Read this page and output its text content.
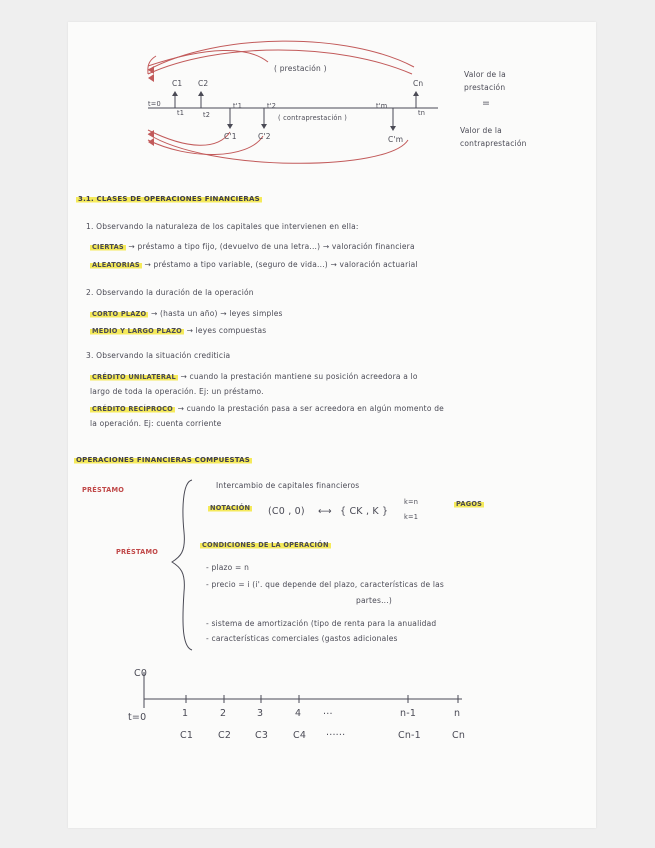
( prestación )
C1 C2	Cn
t=0
t1	t2
t'1	t'2	t'm
tn
( contraprestación )
C'1	C'2	C'm
Valor de la
prestación
=
Valor de la
contraprestación
3.1. CLASES DE OPERACIONES FINANCIERAS
1. Observando la naturaleza de los capitales que intervienen en ella:
CIERTAS → préstamo a tipo fijo, (devuelvo de una letra...) → valoración financiera
ALEATORIAS → préstamo a tipo variable, (seguro de vida...) → valoración actuarial
2. Observando la duración de la operación
CORTO PLAZO → (hasta un año) → leyes simples
MEDIO Y LARGO PLAZO → leyes compuestas
3. Observando la situación crediticia
CRÉDITO UNILATERAL → cuando la prestación mantiene su posición acreedora a lo
largo de toda la operación. Ej: un préstamo.
CRÉDITO RECÍPROCO → cuando la prestación pasa a ser acreedora en algún momento de
la operación. Ej: cuenta corriente
OPERACIONES FINANCIERAS COMPUESTAS
PRÉSTAMO	Intercambio de capitales financieros
NOTACIÓN (C0 , 0) ⟷ { CK , K }
k=n
k=1
PAGOS
PRÉSTAMO
CONDICIONES DE LA OPERACIÓN
- plazo = n
- precio = i (i'. que depende del plazo, características de las
partes...)
- sistema de amortización (tipo de renta para la anualidad
- características comerciales (gastos adicionales
C0
t=0	1	2	3	4 ...	n-1	n
C1	C2	C3	C4 ......	Cn-1	Cn
